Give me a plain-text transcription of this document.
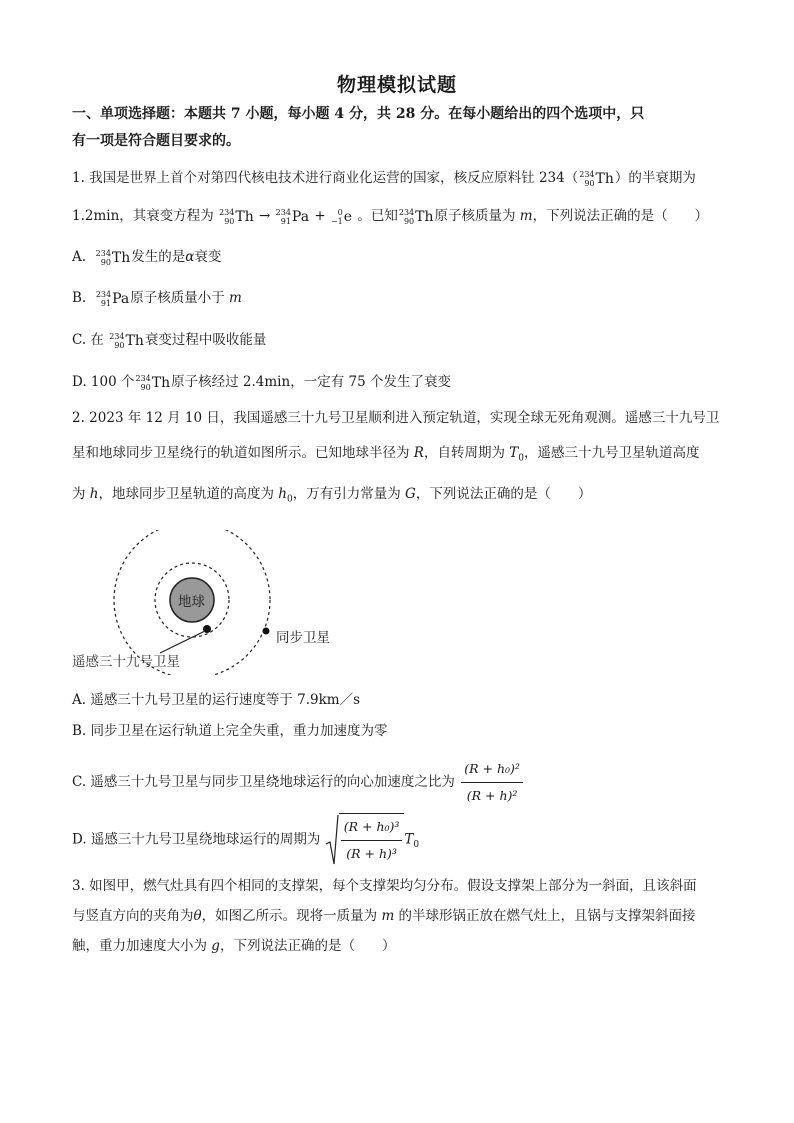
物理模拟试题
一、单项选择题：本题共 7 小题，每小题 4 分，共 28 分。在每小题给出的四个选项中，只
有一项是符合题目要求的。
1. 我国是世界上首个对第四代核电技术进行商业化运营的国家，核反应原料钍 234（234
90Th）的半衰期为
1.2min，其衰变方程为 234
90Th → 234
91Pa + 0
−1e 。已知234
90Th原子核质量为 m，下列说法正确的是（　　）
A. 234
90Th发生的是α衰变
B. 234
91Pa原子核质量小于 m
C. 在 234
90Th衰变过程中吸收能量
D. 100 个234
90Th原子核经过 2.4min，一定有 75 个发生了衰变
2. 2023 年 12 月 10 日，我国遥感三十九号卫星顺利进入预定轨道，实现全球无死角观测。遥感三十九号卫
星和地球同步卫星绕行的轨道如图所示。已知地球半径为 R，自转周期为 $T_0$，遥感三十九号卫星轨道高度
为 h，地球同步卫星轨道的高度为 $h_0$，万有引力常量为 G，下列说法正确的是（　　）
地球
同步卫星
遥感三十九号卫星
A. 遥感三十九号卫星的运行速度等于 7.9km／s
B. 同步卫星在运行轨道上完全失重，重力加速度为零
C. 遥感三十九号卫星与同步卫星绕地球运行的向心加速度之比为 $\frac{\text{(R + h₀)²}}{\text{(R + h)²}}$
D. 遥感三十九号卫星绕地球运行的周期为 $\frac{\text{(R + h₀)³}}{\text{(R + h)³}} T_0$
3. 如图甲，燃气灶具有四个相同的支撑架，每个支撑架均匀分布。假设支撑架上部分为一斜面，且该斜面
与竖直方向的夹角为θ，如图乙所示。现将一质量为 m 的半球形锅正放在燃气灶上，且锅与支撑架斜面接
触，重力加速度大小为 g，下列说法正确的是（　　）
